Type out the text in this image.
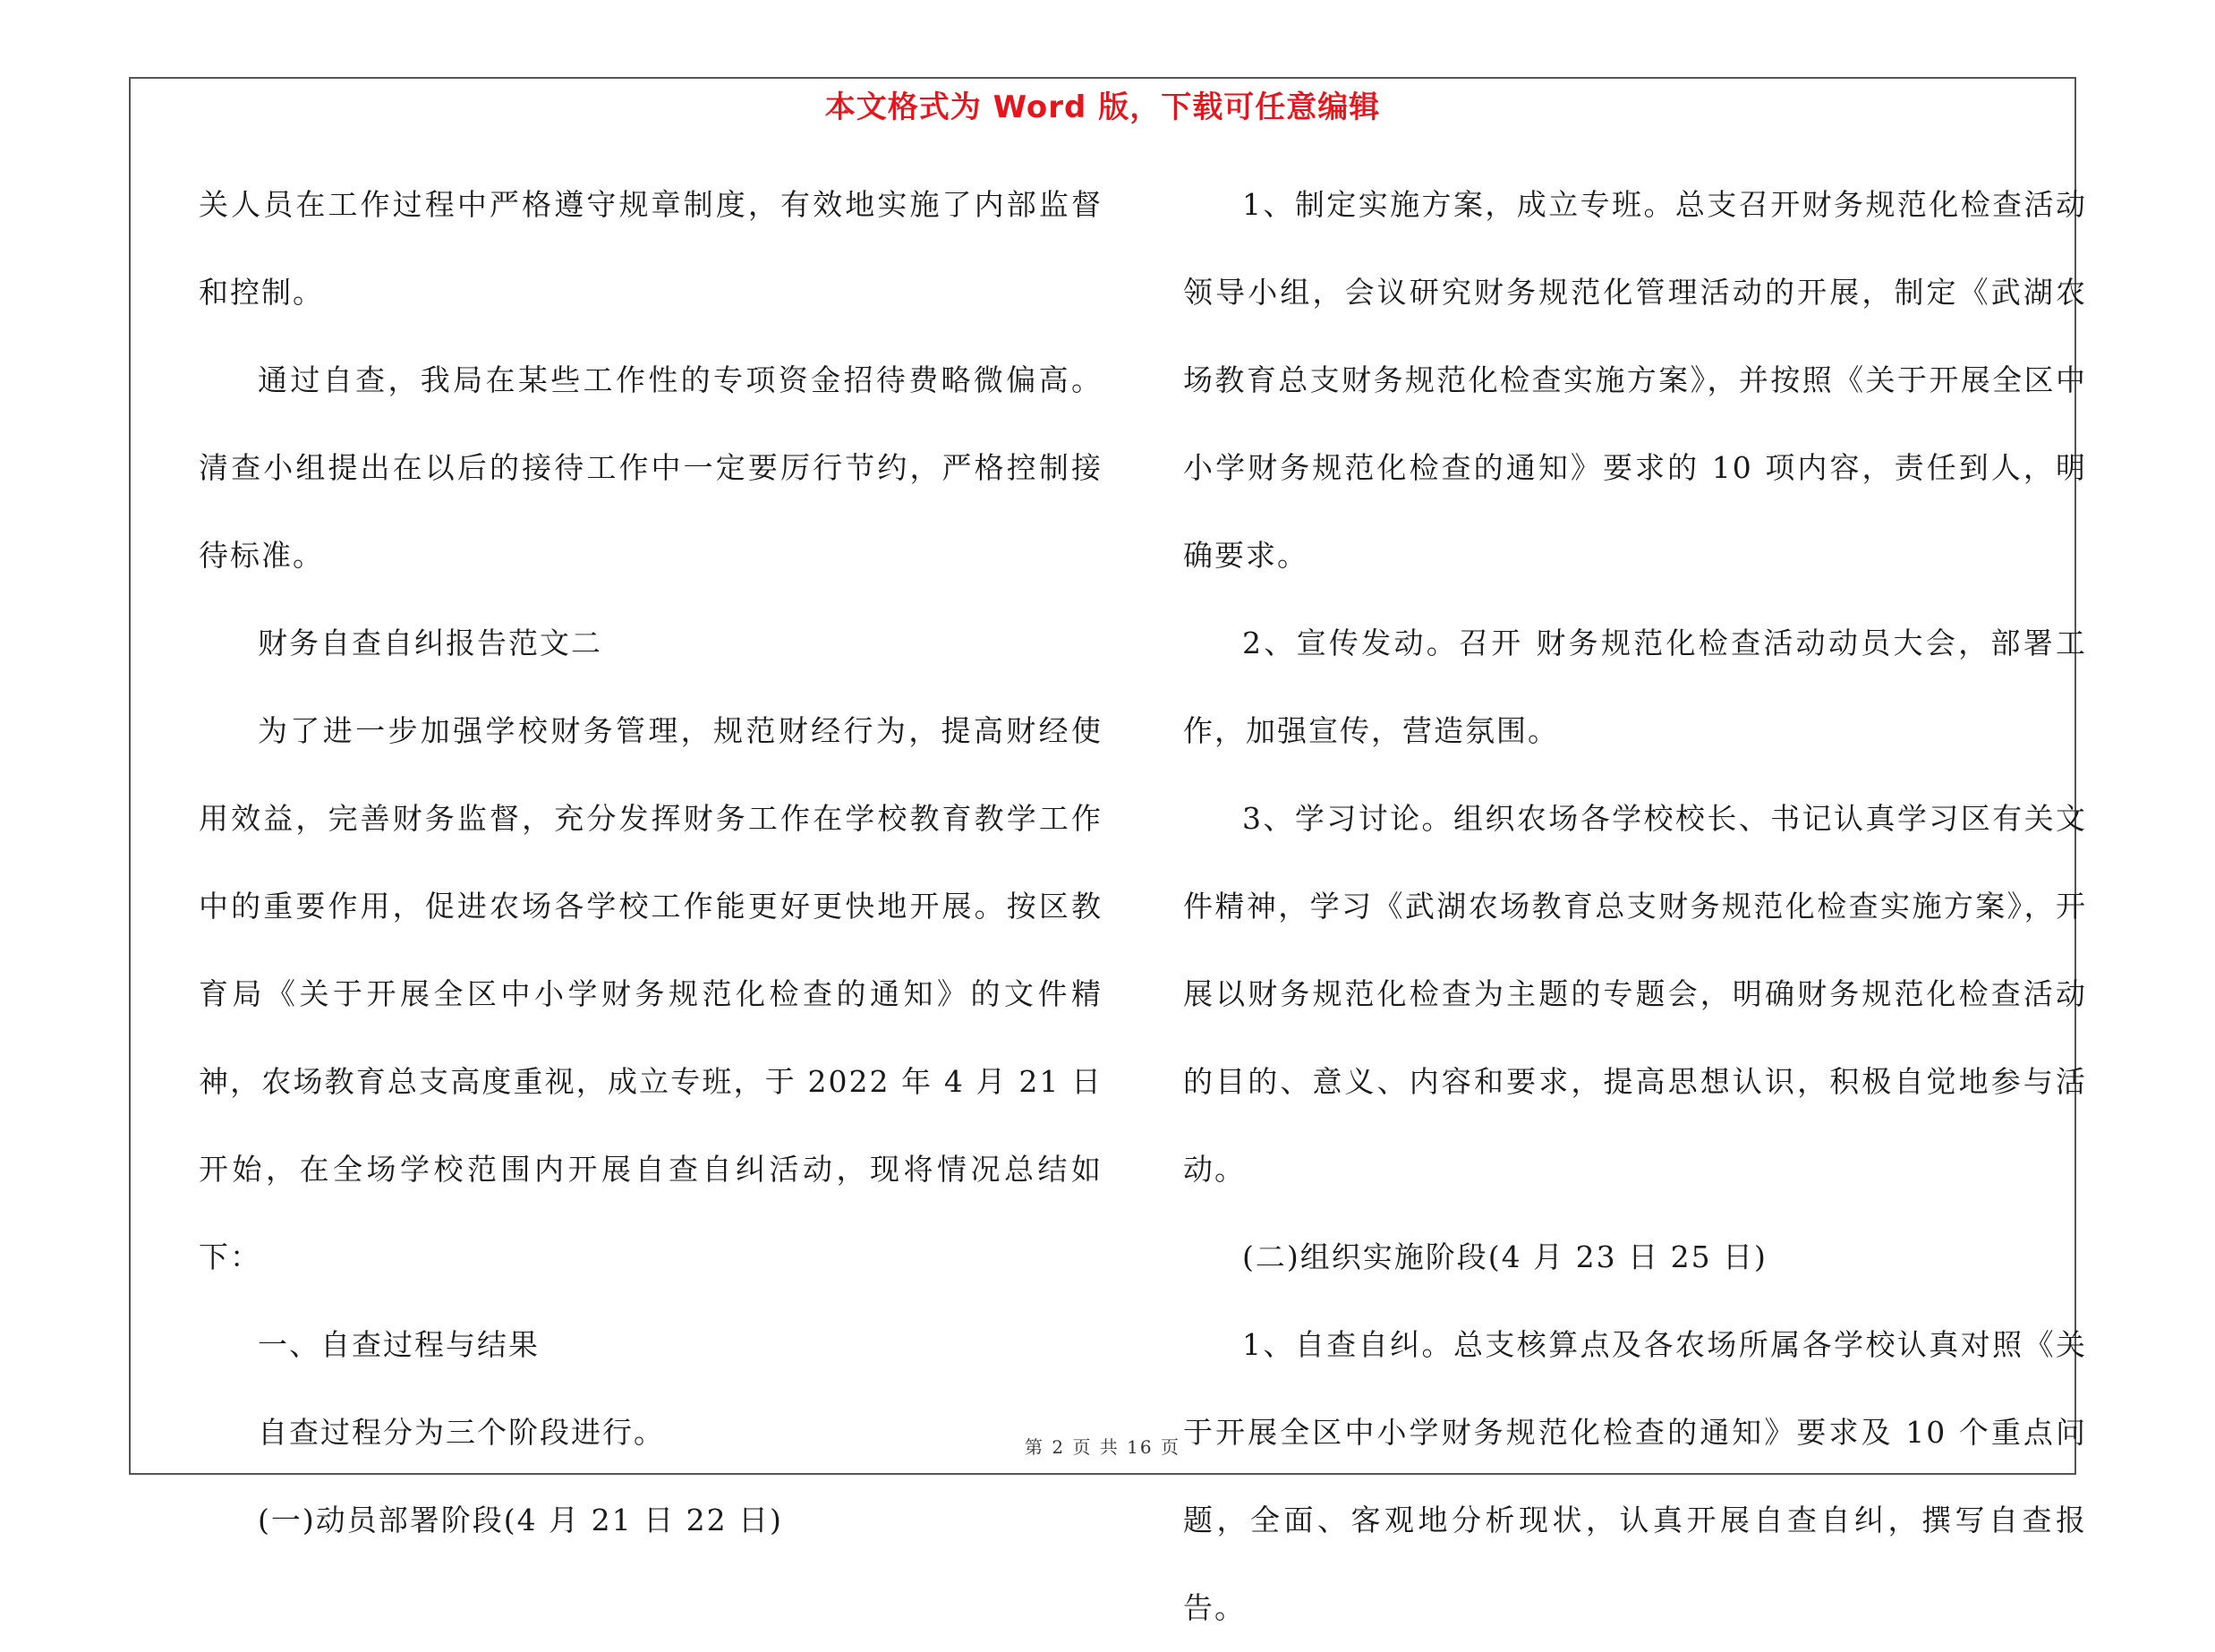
本文格式为 Word 版，下载可任意编辑

关人员在工作过程中严格遵守规章制度，有效地实施了内部监督和控制。

通过自查，我局在某些工作性的专项资金招待费略微偏高。清查小组提出在以后的接待工作中一定要厉行节约，严格控制接待标准。

财务自查自纠报告范文二

为了进一步加强学校财务管理，规范财经行为，提高财经使用效益，完善财务监督，充分发挥财务工作在学校教育教学工作中的重要作用，促进农场各学校工作能更好更快地开展。按区教育局《关于开展全区中小学财务规范化检查的通知》的文件精神，农场教育总支高度重视，成立专班，于 2022 年 4 月 21 日开始，在全场学校范围内开展自查自纠活动，现将情况总结如下：

一、自查过程与结果

自查过程分为三个阶段进行。

(一)动员部署阶段(4 月 21 日 22 日)

1、制定实施方案，成立专班。总支召开财务规范化检查活动领导小组，会议研究财务规范化管理活动的开展，制定《武湖农场教育总支财务规范化检查实施方案》，并按照《关于开展全区中小学财务规范化检查的通知》要求的 10 项内容，责任到人，明确要求。

2、宣传发动。召开 财务规范化检查活动动员大会，部署工作，加强宣传，营造氛围。

3、学习讨论。组织农场各学校校长、书记认真学习区有关文件精神，学习《武湖农场教育总支财务规范化检查实施方案》，开展以财务规范化检查为主题的专题会，明确财务规范化检查活动的目的、意义、内容和要求，提高思想认识，积极自觉地参与活动。

(二)组织实施阶段(4 月 23 日 25 日)

1、自查自纠。总支核算点及各农场所属各学校认真对照《关于开展全区中小学财务规范化检查的通知》要求及 10 个重点问题，全面、客观地分析现状，认真开展自查自纠，撰写自查报告。

第 2 页 共 16 页
